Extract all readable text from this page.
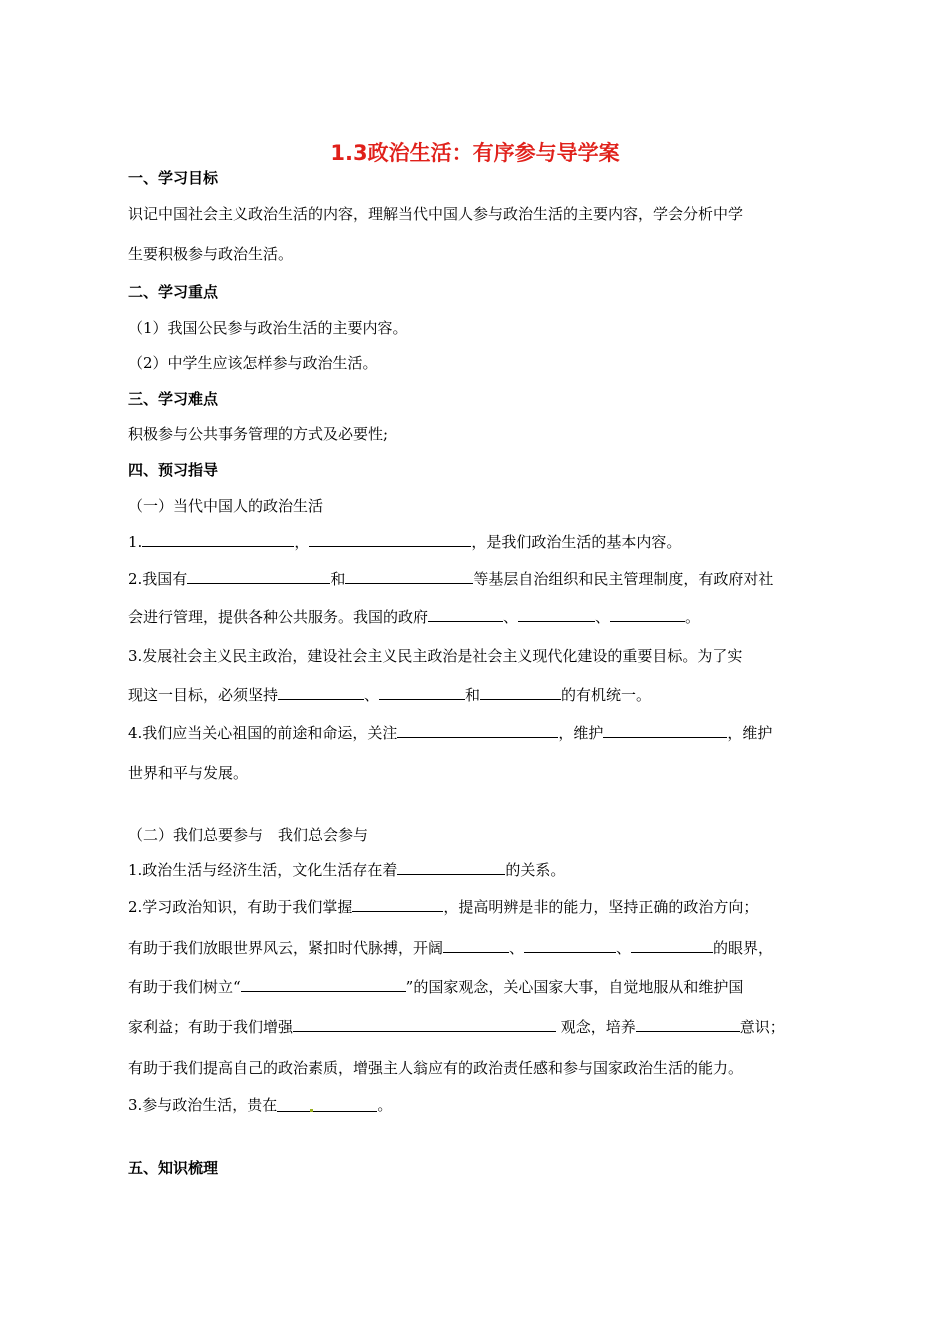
1.3政治生活：有序参与导学案
一、学习目标
识记中国社会主义政治生活的内容，理解当代中国人参与政治生活的主要内容，学会分析中学
生要积极参与政治生活。
二、学习重点
（1）我国公民参与政治生活的主要内容。
（2）中学生应该怎样参与政治生活。
三、学习难点
积极参与公共事务管理的方式及必要性;
四、预习指导
（一）当代中国人的政治生活
1.	，	，是我们政治生活的基本内容。
2.我国有	和	等基层自治组织和民主管理制度，有政府对社
会进行管理，提供各种公共服务。我国的政府	、	、	。
3.发展社会主义民主政治，建设社会主义民主政治是社会主义现代化建设的重要目标。为了实
现这一目标，必须坚持	、	和	的有机统一。
4.我们应当关心祖国的前途和命运，关注	，维护	，维护
世界和平与发展。
（二）我们总要参与　我们总会参与
1.政治生活与经济生活，文化生活存在着	的关系。
2.学习政治知识，有助于我们掌握	，提高明辨是非的能力，坚持正确的政治方向；
有助于我们放眼世界风云，紧扣时代脉搏，开阔	、	、	的眼界，
有助于我们树立“	”的国家观念，关心国家大事，自觉地服从和维护国
家利益；有助于我们增强	观念，培养	意识；
有助于我们提高自己的政治素质，增强主人翁应有的政治责任感和参与国家政治生活的能力。
3.参与政治生活，贵在	。
五、知识梳理
